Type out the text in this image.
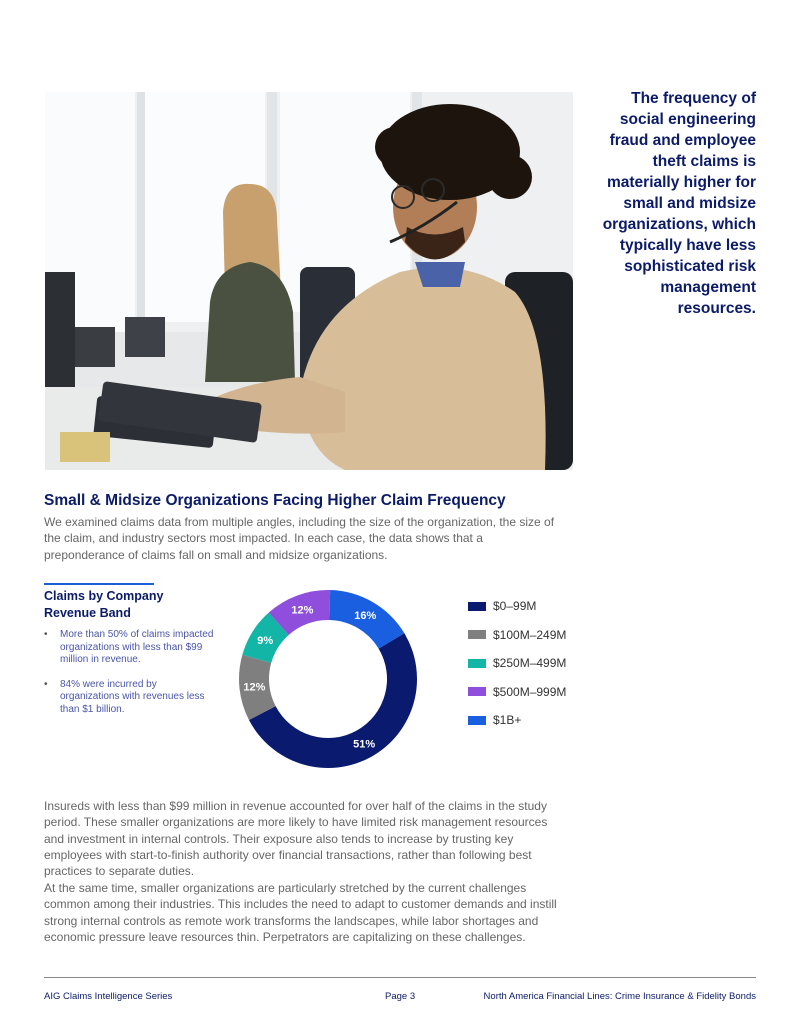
The frequency of social engineering fraud and employee theft claims is materially higher for small and midsize organizations, which typically have less sophisticated risk management resources.
Small & Midsize Organizations Facing Higher Claim Frequency
We examined claims data from multiple angles, including the size of the organization, the size of the claim, and industry sectors most impacted. In each case, the data shows that a preponderance of claims fall on small and midsize organizations.
Claims by Company Revenue Band
• More than 50% of claims impacted organizations with less than $99 million in revenue.
• 84% were incurred by organizations with revenues less than $1 billion.
51%
12%
9%
12%	16%
$0–99M
$100M–249M
$250M–499M
$500M–999M
$1B+
Insureds with less than $99 million in revenue accounted for over half of the claims in the study period. These smaller organizations are more likely to have limited risk management resources and investment in internal controls. Their exposure also tends to increase by trusting key employees with start-to-finish authority over financial transactions, rather than following best practices to separate duties.
At the same time, smaller organizations are particularly stretched by the current challenges common among their industries. This includes the need to adapt to customer demands and instill strong internal controls as remote work transforms the landscapes, while labor shortages and economic pressure leave resources thin. Perpetrators are capitalizing on these challenges.
AIG Claims Intelligence Series	Page 3	North America Financial Lines: Crime Insurance & Fidelity Bonds
